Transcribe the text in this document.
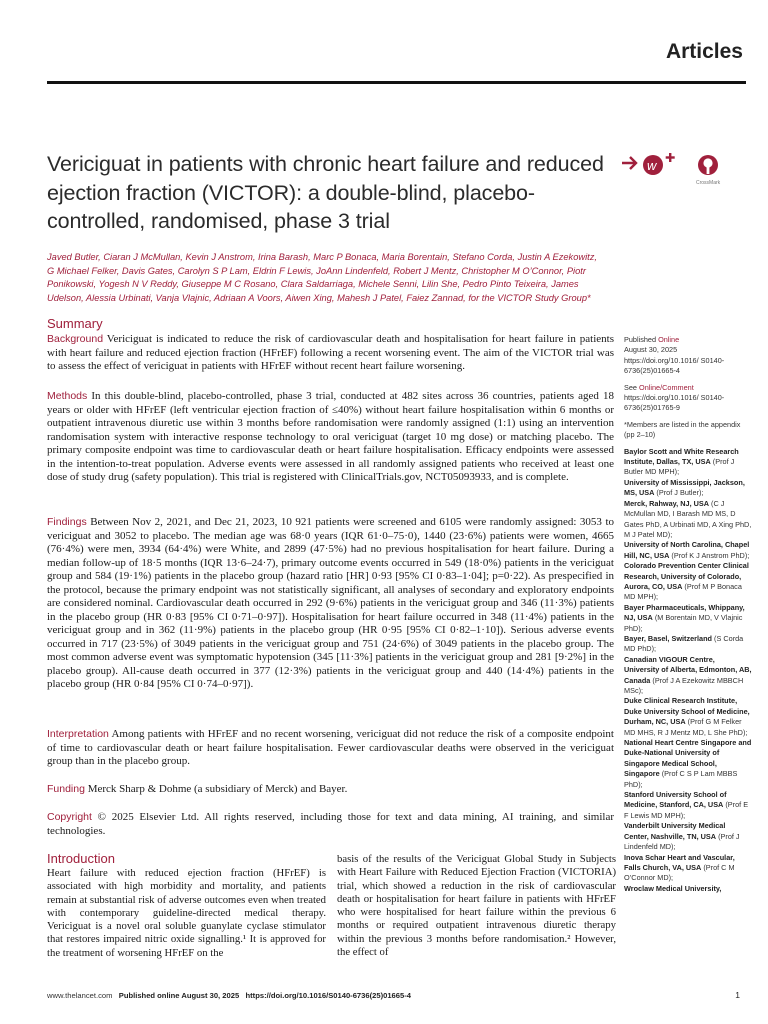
Articles
Vericiguat in patients with chronic heart failure and reduced ejection fraction (VICTOR): a double-blind, placebo-controlled, randomised, phase 3 trial
w
CrossMark

Javed Butler, Ciaran J McMullan, Kevin J Anstrom, Irina Barash, Marc P Bonaca, Maria Borentain, Stefano Corda, Justin A Ezekowitz, G Michael Felker, Davis Gates, Carolyn S P Lam, Eldrin F Lewis, JoAnn Lindenfeld, Robert J Mentz, Christopher M O’Connor, Piotr Ponikowski, Yogesh N V Reddy, Giuseppe M C Rosano, Clara Saldarriaga, Michele Senni, Lilin She, Pedro Pinto Teixeira, James Udelson, Alessia Urbinati, Vanja Vlajnic, Adriaan A Voors, Aiwen Xing, Mahesh J Patel, Faiez Zannad, for the VICTOR Study Group*

Summary

Background Vericiguat is indicated to reduce the risk of cardiovascular death and hospitalisation for heart failure in patients with heart failure and reduced ejection fraction (HFrEF) following a recent worsening event. The aim of the VICTOR trial was to assess the effect of vericiguat in patients with HFrEF without recent heart failure worsening.

Methods In this double-blind, placebo-controlled, phase 3 trial, conducted at 482 sites across 36 countries, patients aged 18 years or older with HFrEF (left ventricular ejection fraction of ≤40%) without heart failure hospitalisation within 6 months or outpatient intravenous diuretic use within 3 months before randomisation were randomly assigned (1:1) using an intervention randomisation system with interactive response technology to oral vericiguat (target 10 mg dose) or matching placebo. The primary composite endpoint was time to cardiovascular death or heart failure hospitalisation. Efficacy endpoints were assessed in the intention-to-treat population. Adverse events were assessed in all randomly assigned patients who received at least one dose of study drug (safety population). This trial is registered with ClinicalTrials.gov, NCT05093933, and is complete.

Findings Between Nov 2, 2021, and Dec 21, 2023, 10 921 patients were screened and 6105 were randomly assigned: 3053 to vericiguat and 3052 to placebo. The median age was 68·0 years (IQR 61·0–75·0), 1440 (23·6%) patients were women, 4665 (76·4%) were men, 3934 (64·4%) were White, and 2899 (47·5%) had no previous hospitalisation for heart failure. During a median follow-up of 18·5 months (IQR 13·6–24·7), primary outcome events occurred in 549 (18·0%) patients in the vericiguat group and 584 (19·1%) patients in the placebo group (hazard ratio [HR] 0·93 [95% CI 0·83–1·04]; p=0·22). As prespecified in the protocol, because the primary endpoint was not statistically significant, all analyses of secondary and exploratory endpoints are considered nominal. Cardiovascular death occurred in 292 (9·6%) patients in the vericiguat group and 346 (11·3%) patients in the placebo group (HR 0·83 [95% CI 0·71–0·97]). Hospitalisation for heart failure occurred in 348 (11·4%) patients in the vericiguat group and in 362 (11·9%) patients in the placebo group (HR 0·95 [95% CI 0·82–1·10]). Serious adverse events occurred in 717 (23·5%) of 3049 patients in the vericiguat group and 751 (24·6%) of 3049 patients in the placebo group. The most common adverse event was symptomatic hypotension (345 [11·3%] patients in the vericiguat group and 281 [9·2%] in the placebo group). All-cause death occurred in 377 (12·3%) patients in the vericiguat group and 440 (14·4%) patients in the placebo group (HR 0·84 [95% CI 0·74–0·97]).

Interpretation Among patients with HFrEF and no recent worsening, vericiguat did not reduce the risk of a composite endpoint of time to cardiovascular death or heart failure hospitalisation. Fewer cardiovascular deaths were observed in the vericiguat group than in the placebo group.

Funding Merck Sharp & Dohme (a subsidiary of Merck) and Bayer.

Copyright © 2025 Elsevier Ltd. All rights reserved, including those for text and data mining, AI training, and similar technologies.

Introduction

Heart failure with reduced ejection fraction (HFrEF) is associated with high morbidity and mortality, and patients remain at substantial risk of adverse outcomes even when treated with contemporary guideline-directed medical therapy. Vericiguat is a novel oral soluble guanylate cyclase stimulator that restores impaired nitric oxide signalling.¹ It is approved for the treatment of worsening HFrEF on the

basis of the results of the Vericiguat Global Study in Subjects with Heart Failure with Reduced Ejection Fraction (VICTORIA) trial, which showed a reduction in the risk of cardiovascular death or hospitalisation for heart failure in patients with HFrEF who were hospitalised for heart failure within the previous 6 months or required outpatient intravenous diuretic therapy within the previous 3 months before randomisation.² However, the effect of

Published Online
August 30, 2025
https://doi.org/10.1016/ S0140-6736(25)01665-4

See Online/Comment
https://doi.org/10.1016/ S0140-6736(25)01765-9

*Members are listed in the appendix (pp 2–10)

Baylor Scott and White Research Institute, Dallas, TX, USA (Prof J Butler MD MPH);

University of Mississippi, Jackson, MS, USA (Prof J Butler);

Merck, Rahway, NJ, USA (C J McMullan MD, I Barash MD MS, D Gates PhD, A Urbinati MD, A Xing PhD, M J Patel MD);

University of North Carolina, Chapel Hill, NC, USA (Prof K J Anstrom PhD);

Colorado Prevention Center Clinical Research, University of Colorado, Aurora, CO, USA (Prof M P Bonaca MD MPH);

Bayer Pharmaceuticals, Whippany, NJ, USA (M Borentain MD, V Vlajnic PhD);

Bayer, Basel, Switzerland (S Corda MD PhD);

Canadian VIGOUR Centre, University of Alberta, Edmonton, AB, Canada (Prof J A Ezekowitz MBBCH MSc);

Duke Clinical Research Institute, Duke University School of Medicine, Durham, NC, USA (Prof G M Felker MD MHS, R J Mentz MD, L She PhD);

National Heart Centre Singapore and Duke-National University of Singapore Medical School, Singapore (Prof C S P Lam MBBS PhD);

Stanford University School of Medicine, Stanford, CA, USA (Prof E F Lewis MD MPH);

Vanderbilt University Medical Center, Nashville, TN, USA (Prof J Lindenfeld MD);

Inova Schar Heart and Vascular, Falls Church, VA, USA (Prof C M O’Connor MD);

Wroclaw Medical University,

www.thelancet.com Published online August 30, 2025 https://doi.org/10.1016/S0140-6736(25)01665-4	1
